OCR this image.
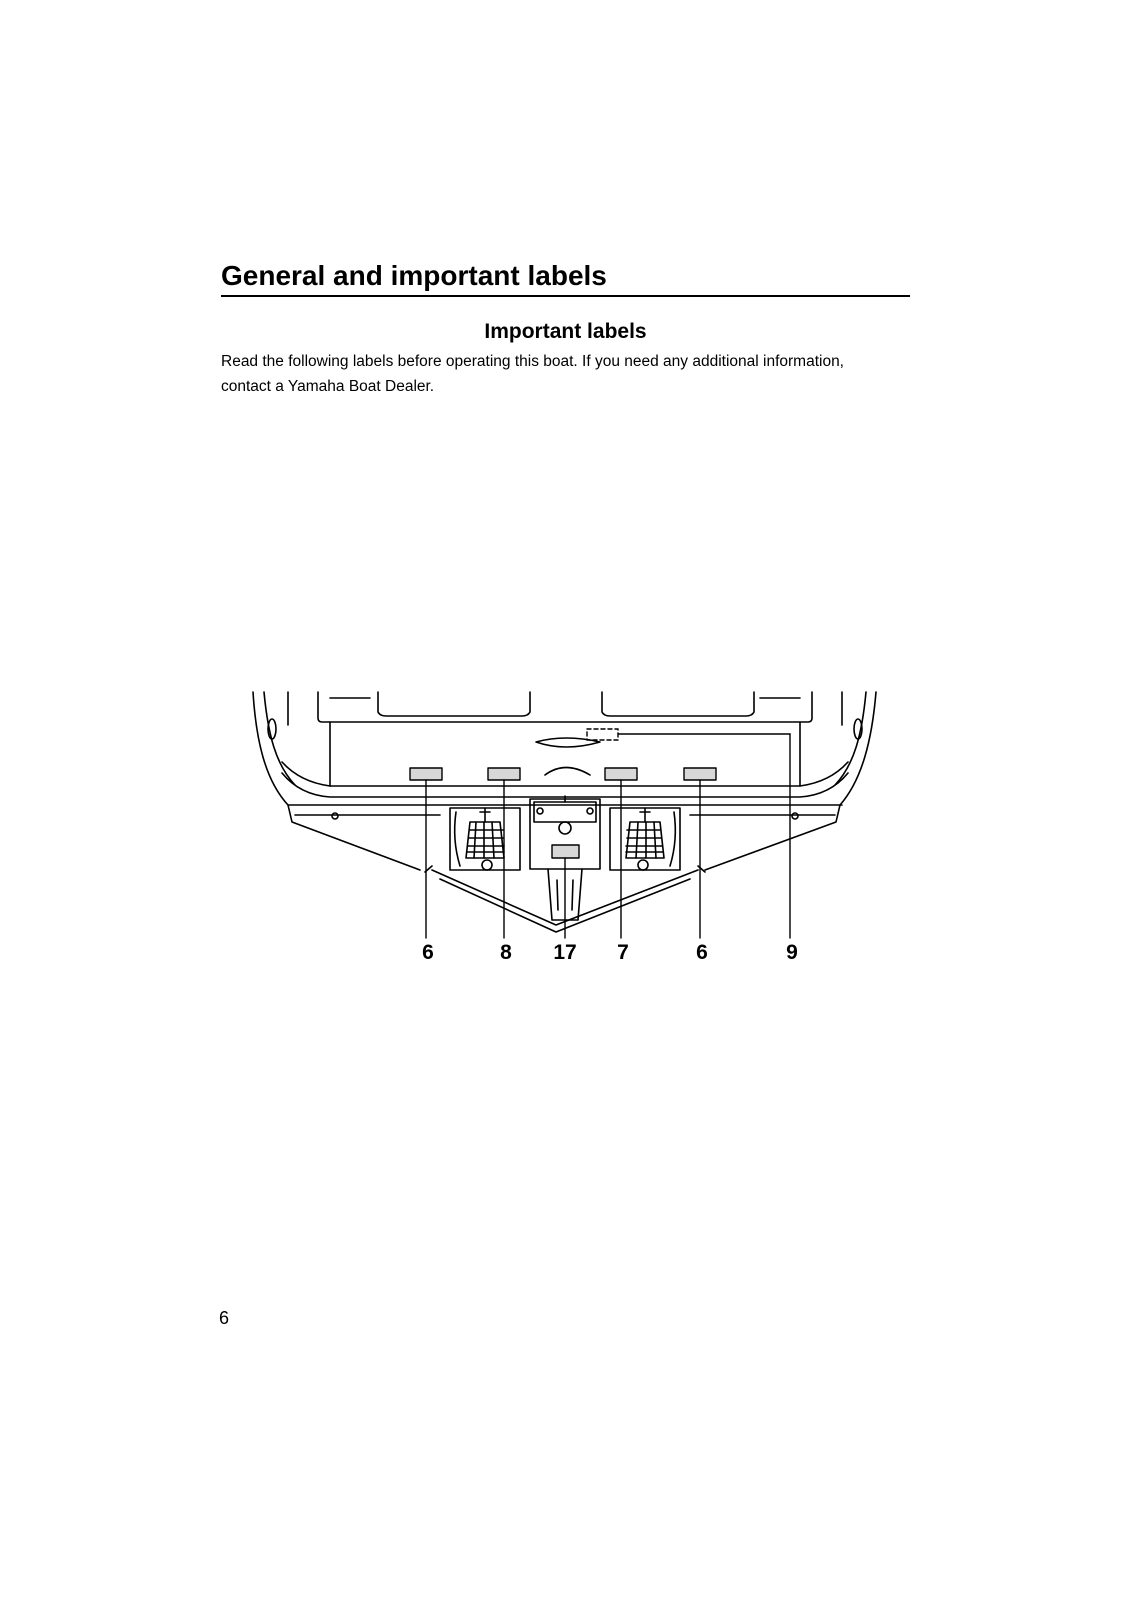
General and important labels
Important labels

Read the following labels before operating this boat. If you need any additional information,
contact a Yamaha Boat Dealer.

6	8	17	7	6	9
6
